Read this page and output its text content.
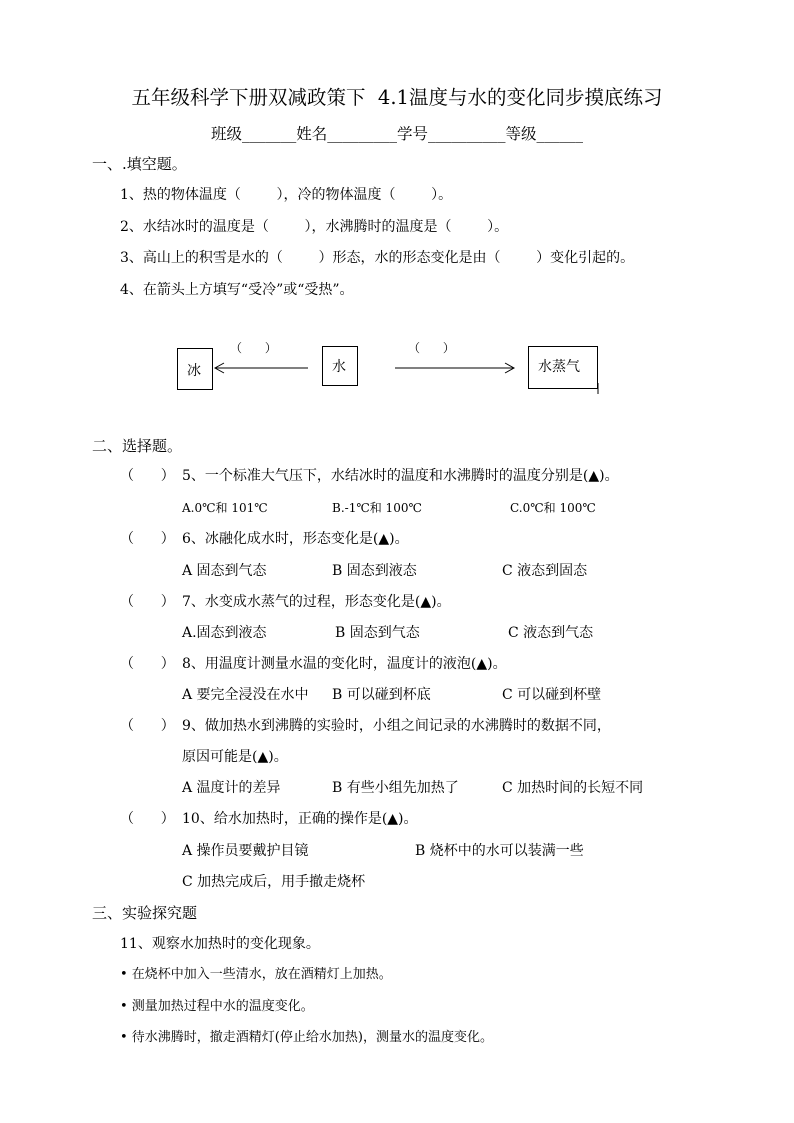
五年级科学下册双减政策下  4.1温度与水的变化同步摸底练习
班级_______姓名_________学号__________等级______
一、.填空题。
1、热的物体温度（        ），冷的物体温度（        ）。
2、水结冰时的温度是（        ），水沸腾时的温度是（        ）。
3、高山上的积雪是水的（        ）形态，水的形态变化是由（        ）变化引起的。
4、在箭头上方填写“受冷”或“受热”。
冰	水	水蒸气
（      ）	（      ）
二、选择题。
（      ） 5、一个标准大气压下，水结冰时的温度和水沸腾时的温度分别是(▲)。
A.0℃和 101℃	B.-1℃和 100℃	C.0℃和 100℃
（      ） 6、冰融化成水时，形态变化是(▲)。
A 固态到气态	B 固态到液态	C 液态到固态
（      ） 7、水变成水蒸气的过程，形态变化是(▲)。
A.固态到液态	B 固态到气态	C 液态到气态
（      ） 8、用温度计测量水温的变化时，温度计的液泡(▲)。
A 要完全浸没在水中 B 可以碰到杯底	C 可以碰到杯壁
（      ） 9、做加热水到沸腾的实验时，小组之间记录的水沸腾时的数据不同，
原因可能是(▲)。
A 温度计的差异	B 有些小组先加热了	C 加热时间的长短不同
（      ） 10、给水加热时，正确的操作是(▲)。
A 操作员要戴护目镜	B 烧杯中的水可以装满一些
C 加热完成后，用手撤走烧杯
三、实验探究题
11、观察水加热时的变化现象。
• 在烧杯中加入一些清水，放在酒精灯上加热。
• 测量加热过程中水的温度变化。
• 待水沸腾时，撤走酒精灯(停止给水加热)，测量水的温度变化。
